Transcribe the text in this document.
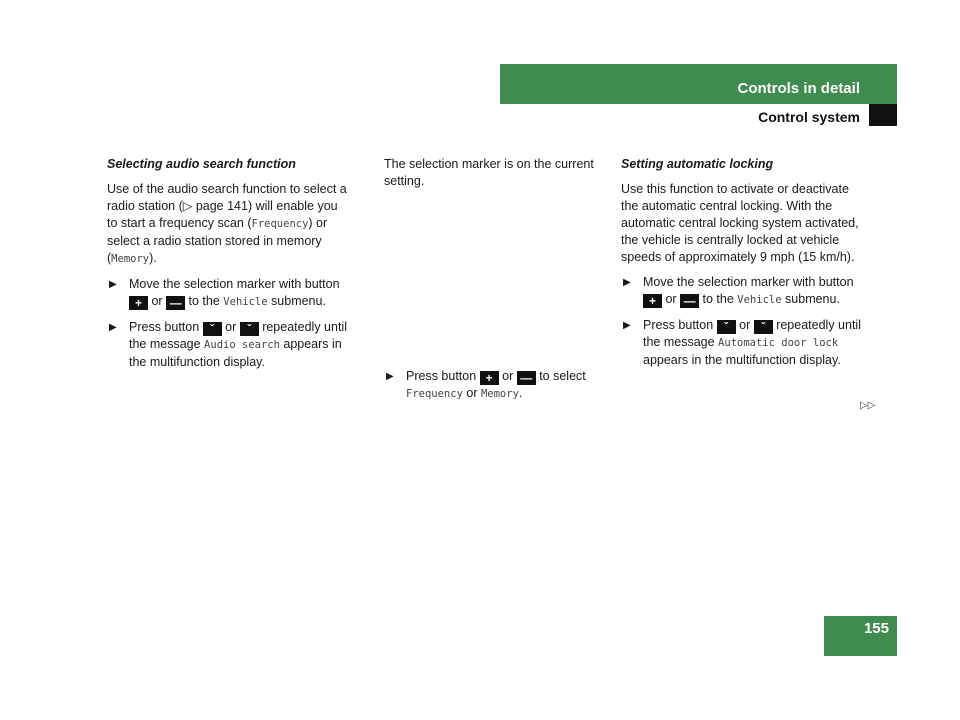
Controls in detail
Control system
Selecting audio search function

Use of the audio search function to select a radio station (▷ page 141) will enable you to start a frequency scan (Frequency) or select a radio station stored in memory (Memory).

▶ Move the selection marker with button + or — to the Vehicle submenu.
▶ Press button ˇ or ˇ repeatedly until the message Audio search appears in the multifunction display.

The selection marker is on the current setting.

▶ Press button + or — to select Frequency or Memory.
Setting automatic locking

Use this function to activate or deactivate the automatic central locking. With the automatic central locking system activated, the vehicle is centrally locked at vehicle speeds of approximately 9 mph (15 km/h).

▶ Move the selection marker with button + or — to the Vehicle submenu.
▶ Press button ˇ or ˇ repeatedly until the message Automatic door lock appears in the multifunction display.
▷▷
155
